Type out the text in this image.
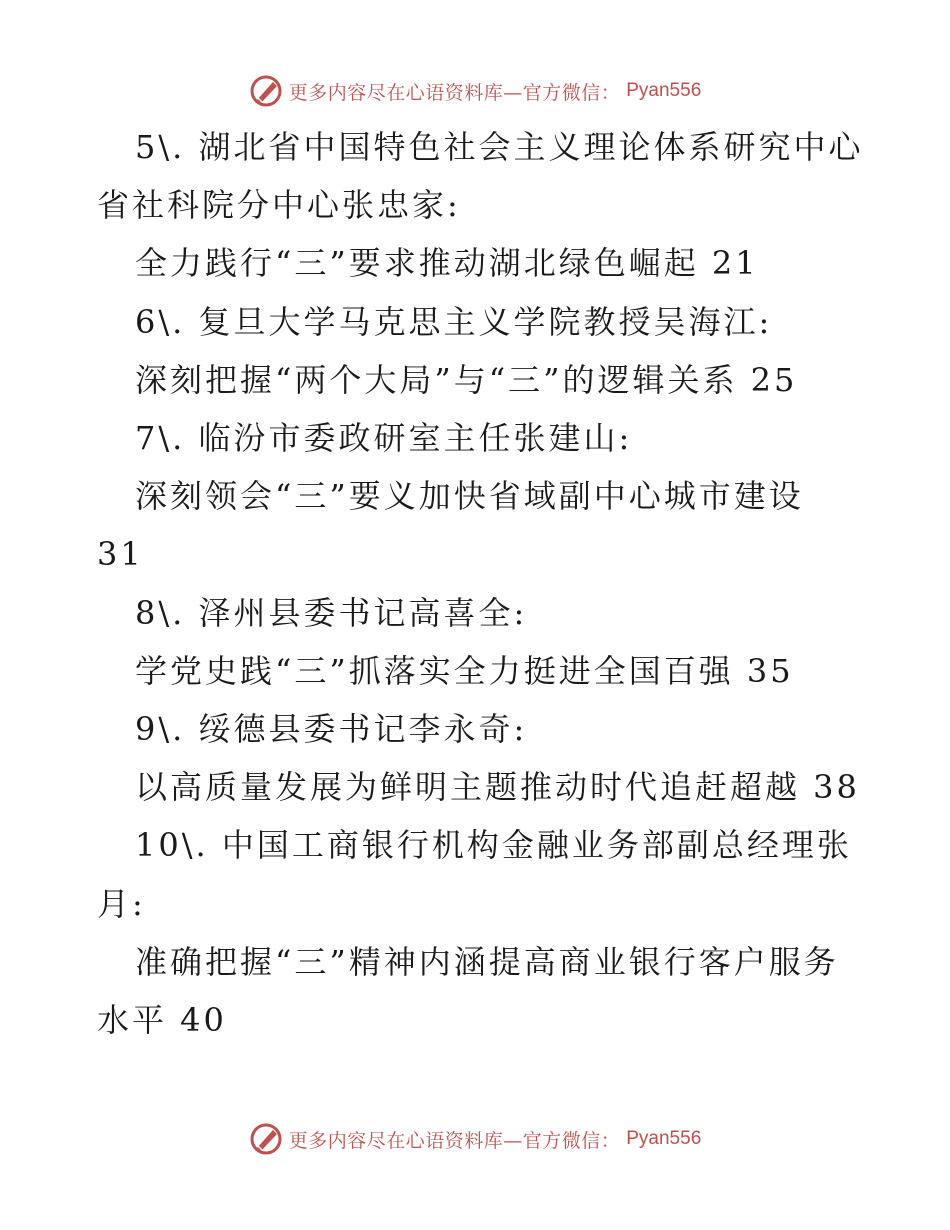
更多内容尽在心语资料库—官方微信： Pyan556
5\. 湖北省中国特色社会主义理论体系研究中心
省社科院分中心张忠家:
全力践行“三”要求推动湖北绿色崛起 21
6\. 复旦大学马克思主义学院教授吴海江:
深刻把握“两个大局”与“三”的逻辑关系 25
7\. 临汾市委政研室主任张建山:
深刻领会“三”要义加快省域副中心城市建设
31
8\. 泽州县委书记高喜全:
学党史践“三”抓落实全力挺进全国百强 35
9\. 绥德县委书记李永奇:
以高质量发展为鲜明主题推动时代追赶超越 38
10\. 中国工商银行机构金融业务部副总经理张
月:
准确把握“三”精神内涵提高商业银行客户服务
水平 40
更多内容尽在心语资料库—官方微信： Pyan556
